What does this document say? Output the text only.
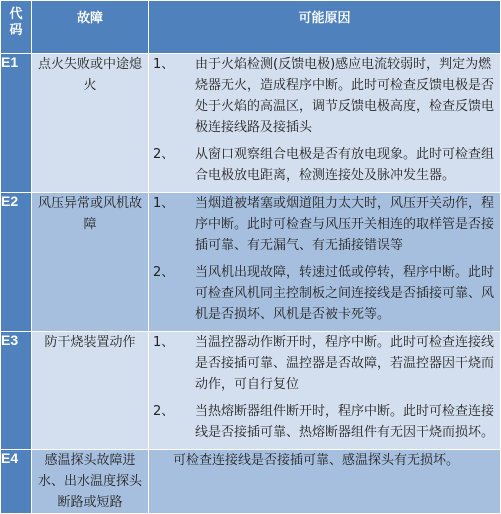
代码	故障	可能原因
E1	点火失败或中途熄火	1、 由于火焰检测(反馈电极)感应电流较弱时，判定为燃烧器无火，造成程序中断。此时可检查反馈电极是否处于火焰的高温区，调节反馈电极高度，检查反馈电极连接线路及接插头
2、 从窗口观察组合电极是否有放电现象。此时可检查组合电极放电距离，检测连接处及脉冲发生器。

E2	风压异常或风机故障	1、 当烟道被堵塞或烟道阻力太大时，风压开关动作，程序中断。此时可检查与风压开关相连的取样管是否接插可靠、有无漏气、有无插接错误等
2、 当风机出现故障，转速过低或停转，程序中断。此时可检查风机同主控制板之间连接线是否插接可靠、风机是否损坏、风机是否被卡死等。

E3	防干烧装置动作	1、 当温控器动作断开时，程序中断。此时可检查连接线是否接插可靠、温控器是否故障，若温控器因干烧而动作，可自行复位
2、 当热熔断器组件断开时，程序中断。此时可检查连接线是否接插可靠、热熔断器组件有无因干烧而损坏。

E4	感温探头故障进水、出水温度探头断路或短路	可检查连接线是否接插可靠、感温探头有无损坏。
